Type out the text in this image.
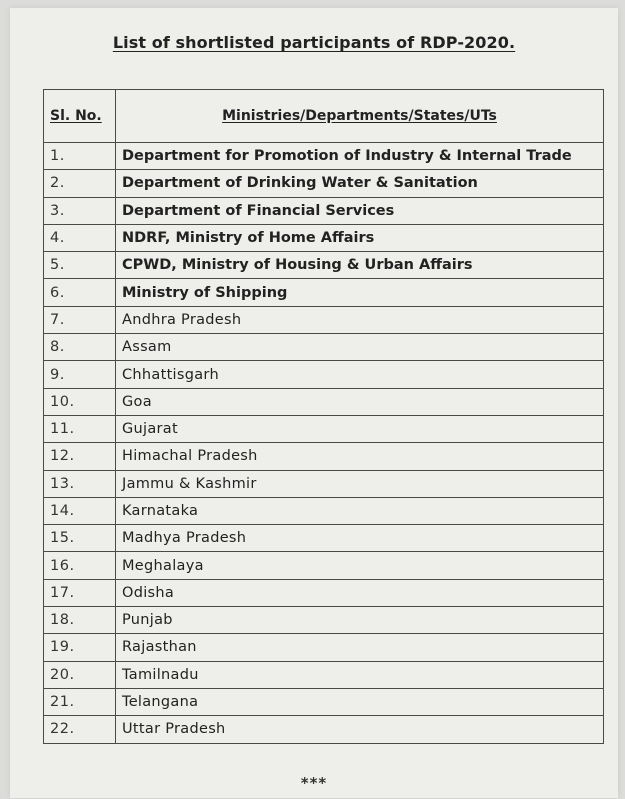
List of shortlisted participants of RDP-2020.
Sl. No.	Ministries/Departments/States/UTs
1.	Department for Promotion of Industry & Internal Trade
2.	Department of Drinking Water & Sanitation
3.	Department of Financial Services
4.	NDRF, Ministry of Home Affairs
5.	CPWD, Ministry of Housing & Urban Affairs
6.	Ministry of Shipping
7.	Andhra Pradesh
8.	Assam
9.	Chhattisgarh
10.	Goa
11.	Gujarat
12.	Himachal Pradesh
13.	Jammu & Kashmir
14.	Karnataka
15.	Madhya Pradesh
16.	Meghalaya
17.	Odisha
18.	Punjab
19.	Rajasthan
20.	Tamilnadu
21.	Telangana
22.	Uttar Pradesh
***
